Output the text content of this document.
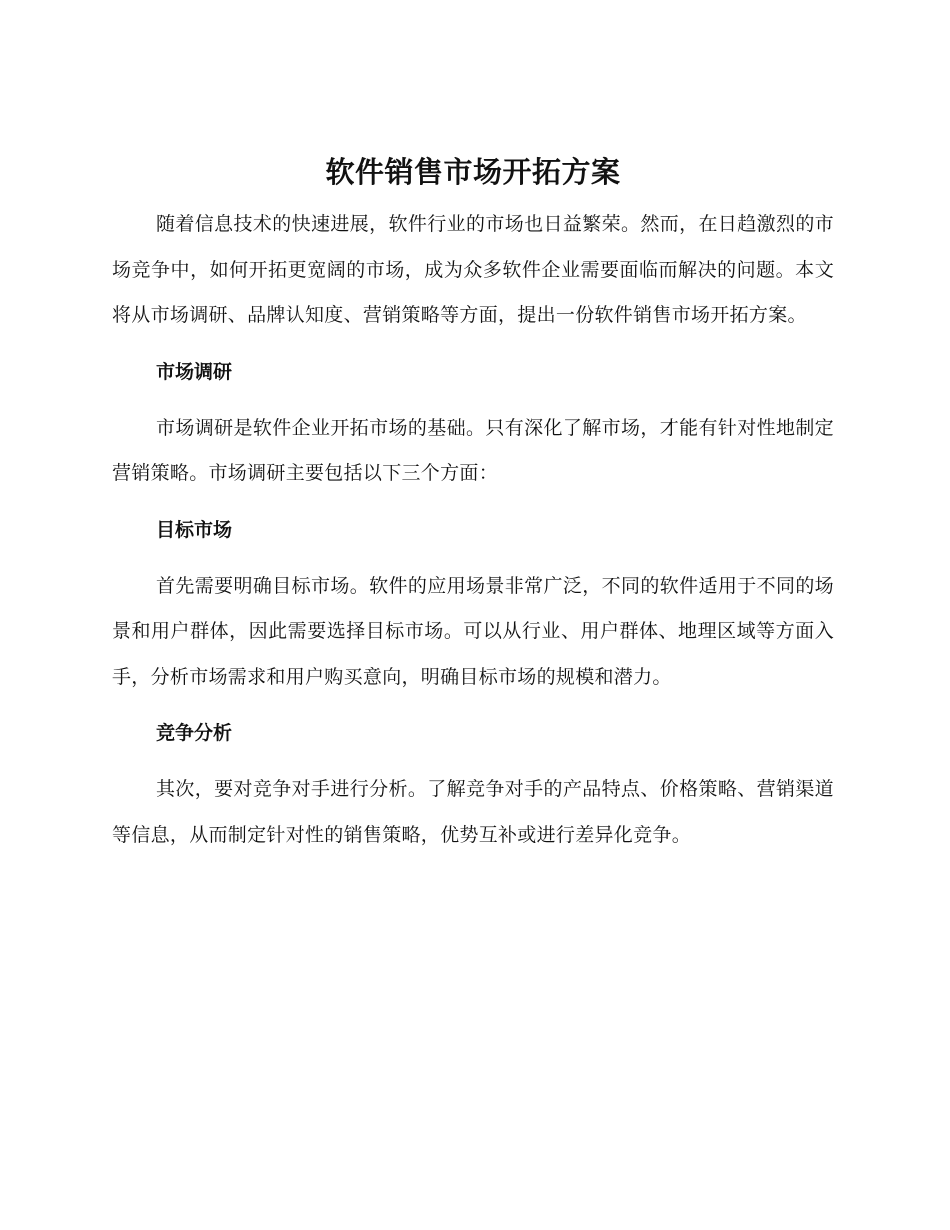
软件销售市场开拓方案

随着信息技术的快速进展，软件行业的市场也日益繁荣。然而，在日趋激烈的市场竞争中，如何开拓更宽阔的市场，成为众多软件企业需要面临而解决的问题。本文将从市场调研、品牌认知度、营销策略等方面，提出一份软件销售市场开拓方案。

市场调研

市场调研是软件企业开拓市场的基础。只有深化了解市场，才能有针对性地制定营销策略。市场调研主要包括以下三个方面：

目标市场

首先需要明确目标市场。软件的应用场景非常广泛，不同的软件适用于不同的场景和用户群体，因此需要选择目标市场。可以从行业、用户群体、地理区域等方面入手，分析市场需求和用户购买意向，明确目标市场的规模和潜力。

竞争分析

其次，要对竞争对手进行分析。了解竞争对手的产品特点、价格策略、营销渠道等信息，从而制定针对性的销售策略，优势互补或进行差异化竞争。
